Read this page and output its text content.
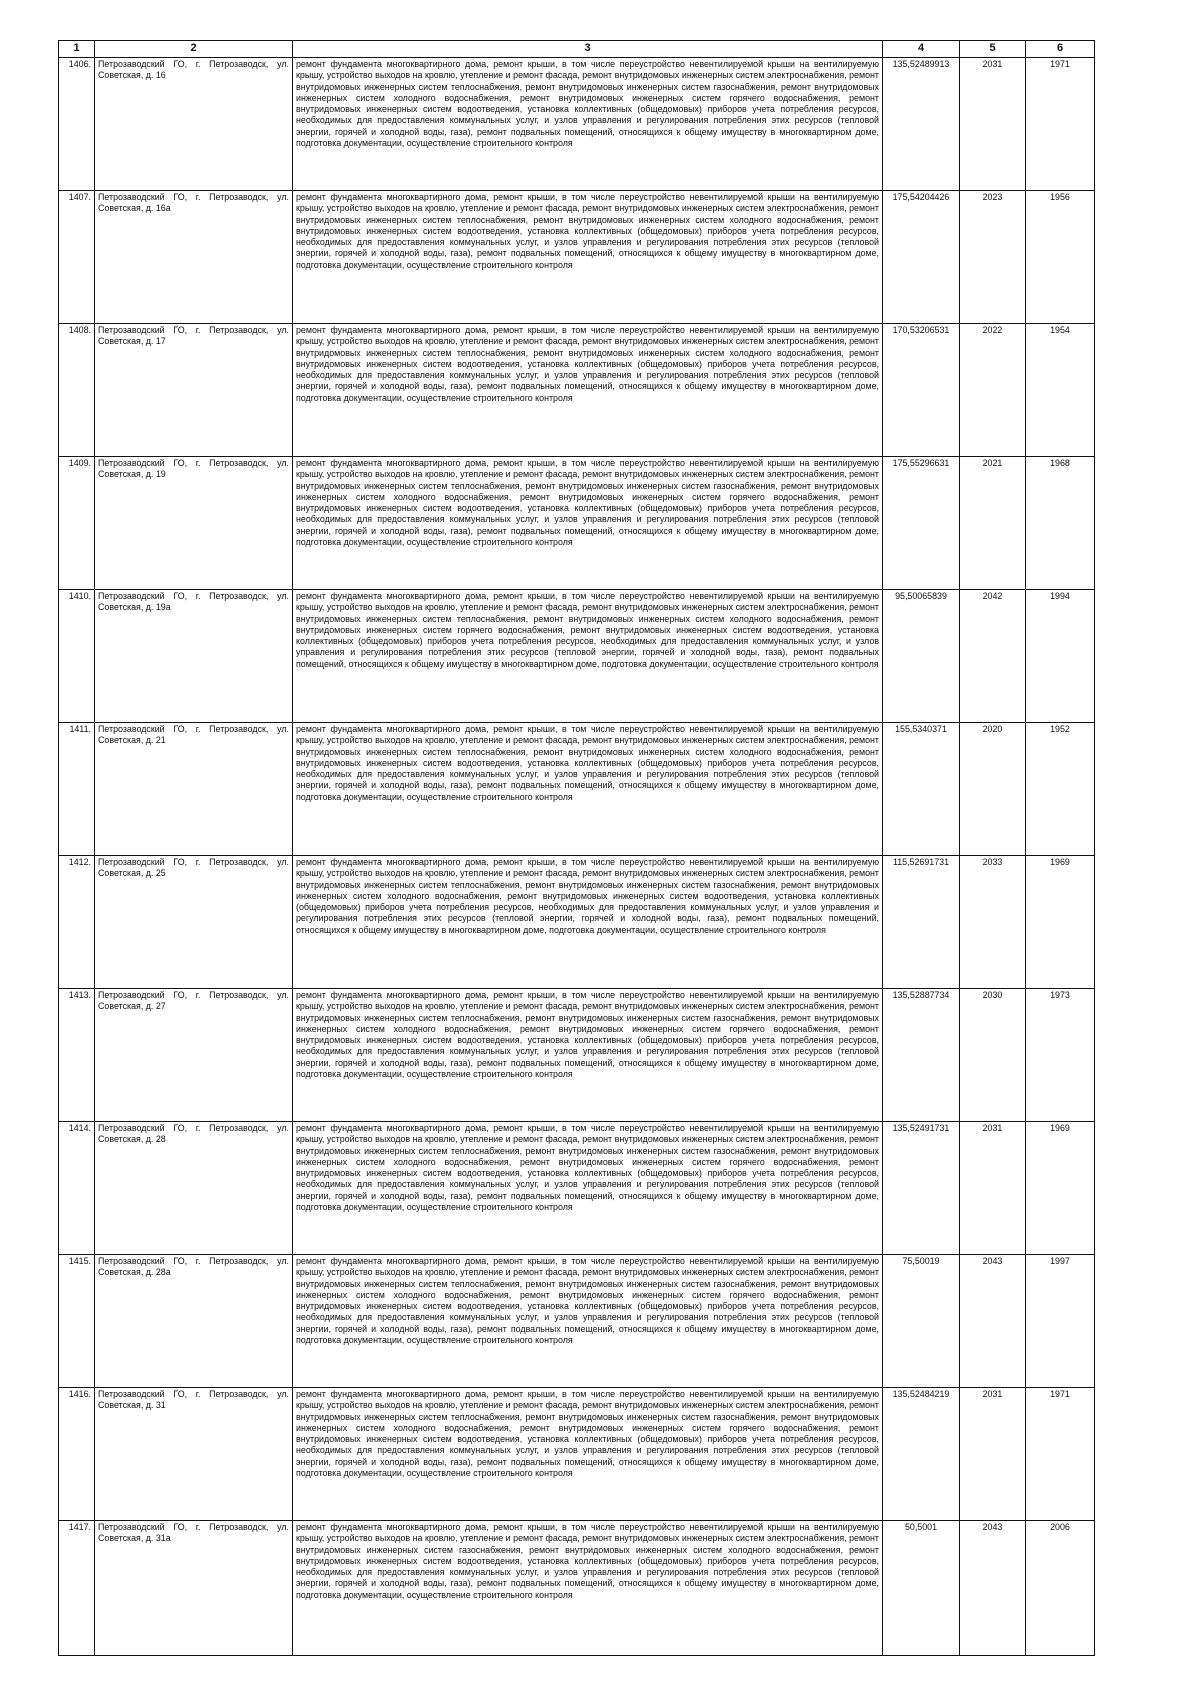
1	2	3	4	5	6
1406.	Петрозаводский ГО, г. Петрозаводск, ул. Советская, д. 16	ремонт фундамента многоквартирного дома, ремонт крыши, в том числе переустройство невентилируемой крыши на вентилируемую крышу, устройство выходов на кровлю, утепление и ремонт фасада, ремонт внутридомовых инженерных систем электроснабжения, ремонт внутридомовых инженерных систем теплоснабжения, ремонт внутридомовых инженерных систем газоснабжения, ремонт внутридомовых инженерных систем холодного водоснабжения, ремонт внутридомовых инженерных систем горячего водоснабжения, ремонт внутридомовых инженерных систем водоотведения, установка коллективных (общедомовых) приборов учета потребления ресурсов, необходимых для предоставления коммунальных услуг, и узлов управления и регулирования потребления этих ресурсов (тепловой энергии, горячей и холодной воды, газа), ремонт подвальных помещений, относящихся к общему имуществу в многоквартирном доме, подготовка документации, осуществление строительного контроля	135,52489913	2031	1971
1407.	Петрозаводский ГО, г. Петрозаводск, ул. Советская, д. 16а	ремонт фундамента многоквартирного дома, ремонт крыши, в том числе переустройство невентилируемой крыши на вентилируемую крышу, устройство выходов на кровлю, утепление и ремонт фасада, ремонт внутридомовых инженерных систем электроснабжения, ремонт внутридомовых инженерных систем теплоснабжения, ремонт внутридомовых инженерных систем холодного водоснабжения, ремонт внутридомовых инженерных систем водоотведения, установка коллективных (общедомовых) приборов учета потребления ресурсов, необходимых для предоставления коммунальных услуг, и узлов управления и регулирования потребления этих ресурсов (тепловой энергии, горячей и холодной воды, газа), ремонт подвальных помещений, относящихся к общему имуществу в многоквартирном доме, подготовка документации, осуществление строительного контроля	175,54204426	2023	1956
1408.	Петрозаводский ГО, г. Петрозаводск, ул. Советская, д. 17	ремонт фундамента многоквартирного дома, ремонт крыши, в том числе переустройство невентилируемой крыши на вентилируемую крышу, устройство выходов на кровлю, утепление и ремонт фасада, ремонт внутридомовых инженерных систем электроснабжения, ремонт внутридомовых инженерных систем теплоснабжения, ремонт внутридомовых инженерных систем холодного водоснабжения, ремонт внутридомовых инженерных систем водоотведения, установка коллективных (общедомовых) приборов учета потребления ресурсов, необходимых для предоставления коммунальных услуг, и узлов управления и регулирования потребления этих ресурсов (тепловой энергии, горячей и холодной воды, газа), ремонт подвальных помещений, относящихся к общему имуществу в многоквартирном доме, подготовка документации, осуществление строительного контроля	170,53206531	2022	1954
1409.	Петрозаводский ГО, г. Петрозаводск, ул. Советская, д. 19	ремонт фундамента многоквартирного дома, ремонт крыши, в том числе переустройство невентилируемой крыши на вентилируемую крышу, устройство выходов на кровлю, утепление и ремонт фасада, ремонт внутридомовых инженерных систем электроснабжения, ремонт внутридомовых инженерных систем теплоснабжения, ремонт внутридомовых инженерных систем газоснабжения, ремонт внутридомовых инженерных систем холодного водоснабжения, ремонт внутридомовых инженерных систем горячего водоснабжения, ремонт внутридомовых инженерных систем водоотведения, установка коллективных (общедомовых) приборов учета потребления ресурсов, необходимых для предоставления коммунальных услуг, и узлов управления и регулирования потребления этих ресурсов (тепловой энергии, горячей и холодной воды, газа), ремонт подвальных помещений, относящихся к общему имуществу в многоквартирном доме, подготовка документации, осуществление строительного контроля	175,55296631	2021	1968
1410.	Петрозаводский ГО, г. Петрозаводск, ул. Советская, д. 19а	ремонт фундамента многоквартирного дома, ремонт крыши, в том числе переустройство невентилируемой крыши на вентилируемую крышу, устройство выходов на кровлю, утепление и ремонт фасада, ремонт внутридомовых инженерных систем электроснабжения, ремонт внутридомовых инженерных систем теплоснабжения, ремонт внутридомовых инженерных систем холодного водоснабжения, ремонт внутридомовых инженерных систем горячего водоснабжения, ремонт внутридомовых инженерных систем водоотведения, установка коллективных (общедомовых) приборов учета потребления ресурсов, необходимых для предоставления коммунальных услуг, и узлов управления и регулирования потребления этих ресурсов (тепловой энергии, горячей и холодной воды, газа), ремонт подвальных помещений, относящихся к общему имуществу в многоквартирном доме, подготовка документации, осуществление строительного контроля	95,50065839	2042	1994
1411.	Петрозаводский ГО, г. Петрозаводск, ул. Советская, д. 21	ремонт фундамента многоквартирного дома, ремонт крыши, в том числе переустройство невентилируемой крыши на вентилируемую крышу, устройство выходов на кровлю, утепление и ремонт фасада, ремонт внутридомовых инженерных систем электроснабжения, ремонт внутридомовых инженерных систем теплоснабжения, ремонт внутридомовых инженерных систем холодного водоснабжения, ремонт внутридомовых инженерных систем водоотведения, установка коллективных (общедомовых) приборов учета потребления ресурсов, необходимых для предоставления коммунальных услуг, и узлов управления и регулирования потребления этих ресурсов (тепловой энергии, горячей и холодной воды, газа), ремонт подвальных помещений, относящихся к общему имуществу в многоквартирном доме, подготовка документации, осуществление строительного контроля	155,5340371	2020	1952
1412.	Петрозаводский ГО, г. Петрозаводск, ул. Советская, д. 25	ремонт фундамента многоквартирного дома, ремонт крыши, в том числе переустройство невентилируемой крыши на вентилируемую крышу, устройство выходов на кровлю, утепление и ремонт фасада, ремонт внутридомовых инженерных систем электроснабжения, ремонт внутридомовых инженерных систем теплоснабжения, ремонт внутридомовых инженерных систем газоснабжения, ремонт внутридомовых инженерных систем холодного водоснабжения, ремонт внутридомовых инженерных систем водоотведения, установка коллективных (общедомовых) приборов учета потребления ресурсов, необходимых для предоставления коммунальных услуг, и узлов управления и регулирования потребления этих ресурсов (тепловой энергии, горячей и холодной воды, газа), ремонт подвальных помещений, относящихся к общему имуществу в многоквартирном доме, подготовка документации, осуществление строительного контроля	115,52691731	2033	1969
1413.	Петрозаводский ГО, г. Петрозаводск, ул. Советская, д. 27	ремонт фундамента многоквартирного дома, ремонт крыши, в том числе переустройство невентилируемой крыши на вентилируемую крышу, устройство выходов на кровлю, утепление и ремонт фасада, ремонт внутридомовых инженерных систем электроснабжения, ремонт внутридомовых инженерных систем теплоснабжения, ремонт внутридомовых инженерных систем газоснабжения, ремонт внутридомовых инженерных систем холодного водоснабжения, ремонт внутридомовых инженерных систем горячего водоснабжения, ремонт внутридомовых инженерных систем водоотведения, установка коллективных (общедомовых) приборов учета потребления ресурсов, необходимых для предоставления коммунальных услуг, и узлов управления и регулирования потребления этих ресурсов (тепловой энергии, горячей и холодной воды, газа), ремонт подвальных помещений, относящихся к общему имуществу в многоквартирном доме, подготовка документации, осуществление строительного контроля	135,52887734	2030	1973
1414.	Петрозаводский ГО, г. Петрозаводск, ул. Советская, д. 28	ремонт фундамента многоквартирного дома, ремонт крыши, в том числе переустройство невентилируемой крыши на вентилируемую крышу, устройство выходов на кровлю, утепление и ремонт фасада, ремонт внутридомовых инженерных систем электроснабжения, ремонт внутридомовых инженерных систем теплоснабжения, ремонт внутридомовых инженерных систем газоснабжения, ремонт внутридомовых инженерных систем холодного водоснабжения, ремонт внутридомовых инженерных систем горячего водоснабжения, ремонт внутридомовых инженерных систем водоотведения, установка коллективных (общедомовых) приборов учета потребления ресурсов, необходимых для предоставления коммунальных услуг, и узлов управления и регулирования потребления этих ресурсов (тепловой энергии, горячей и холодной воды, газа), ремонт подвальных помещений, относящихся к общему имуществу в многоквартирном доме, подготовка документации, осуществление строительного контроля	135,52491731	2031	1969
1415.	Петрозаводский ГО, г. Петрозаводск, ул. Советская, д. 28а	ремонт фундамента многоквартирного дома, ремонт крыши, в том числе переустройство невентилируемой крыши на вентилируемую крышу, устройство выходов на кровлю, утепление и ремонт фасада, ремонт внутридомовых инженерных систем электроснабжения, ремонт внутридомовых инженерных систем теплоснабжения, ремонт внутридомовых инженерных систем газоснабжения, ремонт внутридомовых инженерных систем холодного водоснабжения, ремонт внутридомовых инженерных систем горячего водоснабжения, ремонт внутридомовых инженерных систем водоотведения, установка коллективных (общедомовых) приборов учета потребления ресурсов, необходимых для предоставления коммунальных услуг, и узлов управления и регулирования потребления этих ресурсов (тепловой энергии, горячей и холодной воды, газа), ремонт подвальных помещений, относящихся к общему имуществу в многоквартирном доме, подготовка документации, осуществление строительного контроля	75,50019	2043	1997
1416.	Петрозаводский ГО, г. Петрозаводск, ул. Советская, д. 31	ремонт фундамента многоквартирного дома, ремонт крыши, в том числе переустройство невентилируемой крыши на вентилируемую крышу, устройство выходов на кровлю, утепление и ремонт фасада, ремонт внутридомовых инженерных систем электроснабжения, ремонт внутридомовых инженерных систем теплоснабжения, ремонт внутридомовых инженерных систем газоснабжения, ремонт внутридомовых инженерных систем холодного водоснабжения, ремонт внутридомовых инженерных систем горячего водоснабжения, ремонт внутридомовых инженерных систем водоотведения, установка коллективных (общедомовых) приборов учета потребления ресурсов, необходимых для предоставления коммунальных услуг, и узлов управления и регулирования потребления этих ресурсов (тепловой энергии, горячей и холодной воды, газа), ремонт подвальных помещений, относящихся к общему имуществу в многоквартирном доме, подготовка документации, осуществление строительного контроля	135,52484219	2031	1971
1417.	Петрозаводский ГО, г. Петрозаводск, ул. Советская, д. 31а	ремонт фундамента многоквартирного дома, ремонт крыши, в том числе переустройство невентилируемой крыши на вентилируемую крышу, устройство выходов на кровлю, утепление и ремонт фасада, ремонт внутридомовых инженерных систем электроснабжения, ремонт внутридомовых инженерных систем газоснабжения, ремонт внутридомовых инженерных систем холодного водоснабжения, ремонт внутридомовых инженерных систем водоотведения, установка коллективных (общедомовых) приборов учета потребления ресурсов, необходимых для предоставления коммунальных услуг, и узлов управления и регулирования потребления этих ресурсов (тепловой энергии, горячей и холодной воды, газа), ремонт подвальных помещений, относящихся к общему имуществу в многоквартирном доме, подготовка документации, осуществление строительного контроля	50,5001	2043	2006
